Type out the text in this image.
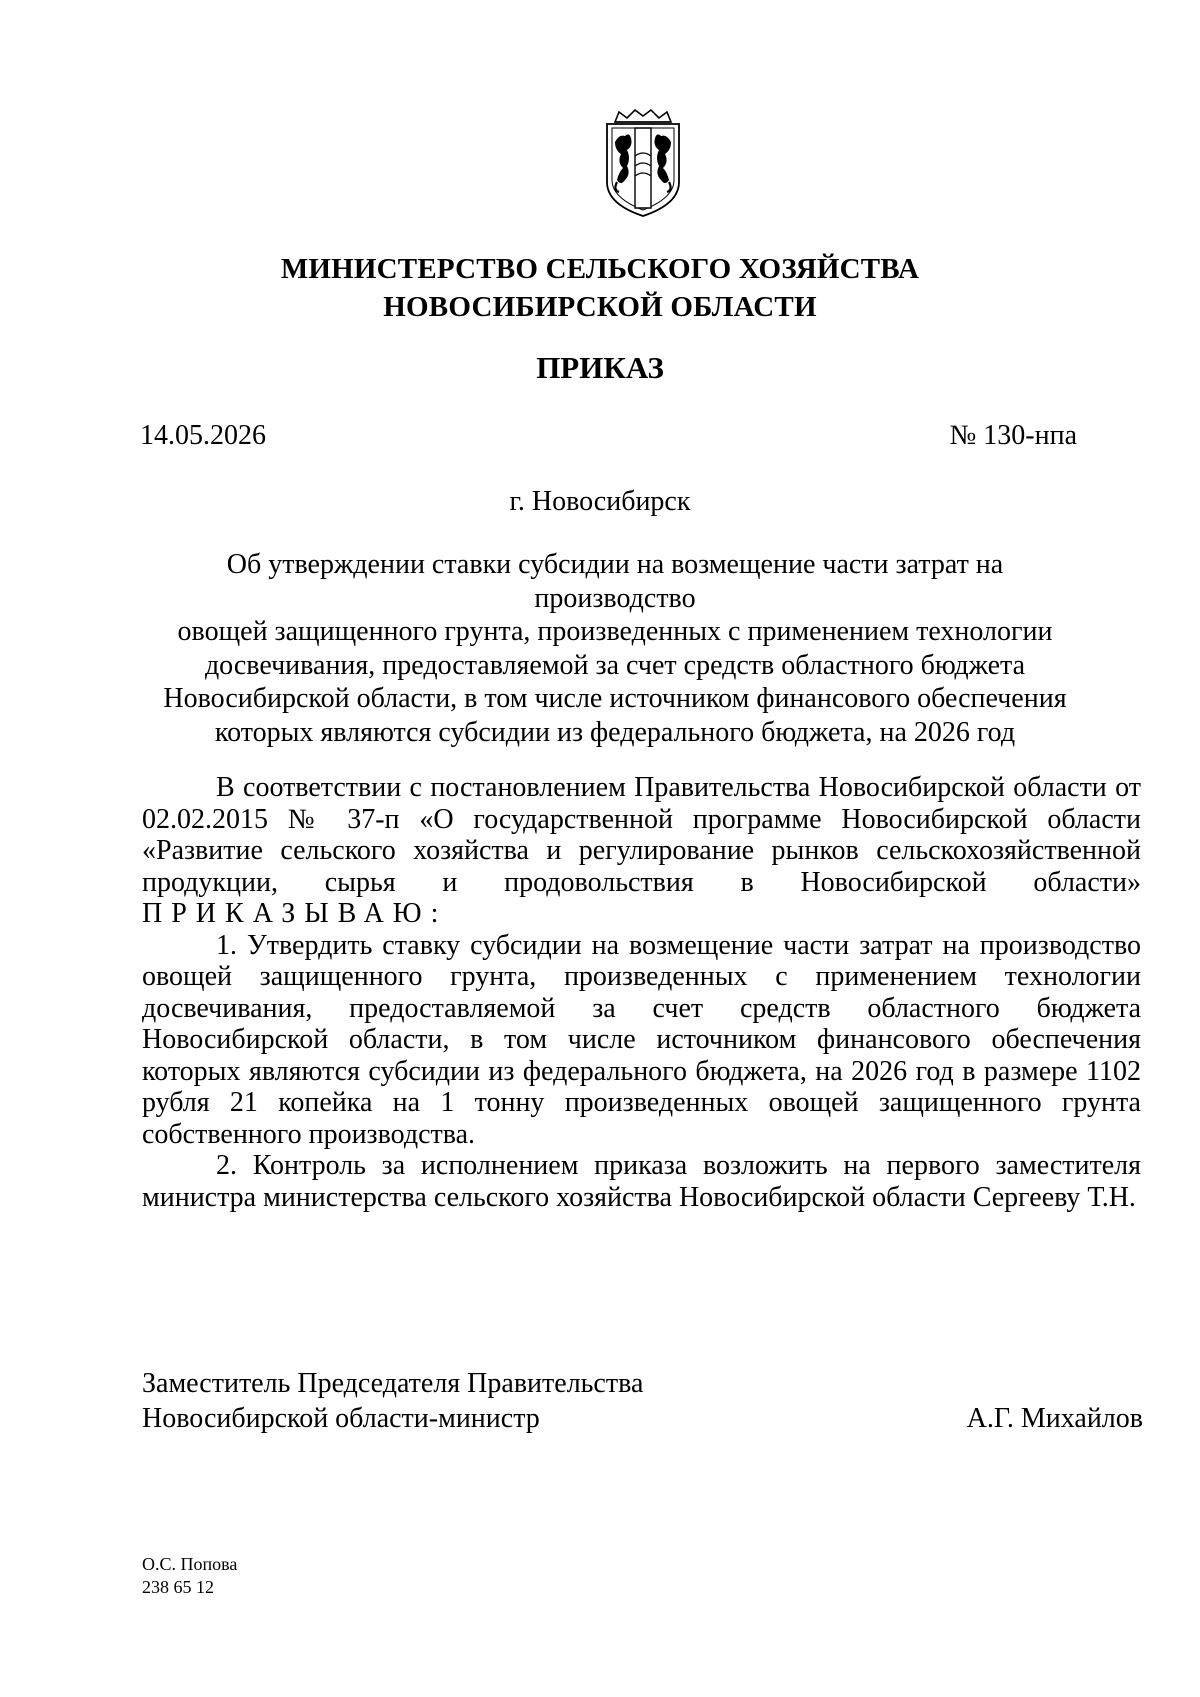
МИНИСТЕРСТВО СЕЛЬСКОГО ХОЗЯЙСТВА
НОВОСИБИРСКОЙ ОБЛАСТИ
ПРИКАЗ
14.05.2026	№ 130-нпа
г. Новосибирск
Об утверждении ставки субсидии на возмещение части затрат на производство
овощей защищенного грунта, произведенных с применением технологии
досвечивания, предоставляемой за счет средств областного бюджета
Новосибирской области, в том числе источником финансового обеспечения
которых являются субсидии из федерального бюджета, на 2026 год

В соответствии с постановлением Правительства Новосибирской области от 02.02.2015 № 37-п «О государственной программе Новосибирской области «Развитие сельского хозяйства и регулирование рынков сельскохозяйственной продукции, сырья и продовольствия в Новосибирской области»

ПРИКАЗЫВАЮ:

1. Утвердить ставку субсидии на возмещение части затрат на производство овощей защищенного грунта, произведенных с применением технологии досвечивания, предоставляемой за счет средств областного бюджета Новосибирской области, в том числе источником финансового обеспечения которых являются субсидии из федерального бюджета, на 2026 год в размере 1102 рубля 21 копейка на 1 тонну произведенных овощей защищенного грунта собственного производства.

2. Контроль за исполнением приказа возложить на первого заместителя министра министерства сельского хозяйства Новосибирской области Сергееву Т.Н.

Заместитель Председателя Правительства
Новосибирской области-министр	А.Г. Михайлов
О.С. Попова
238 65 12
